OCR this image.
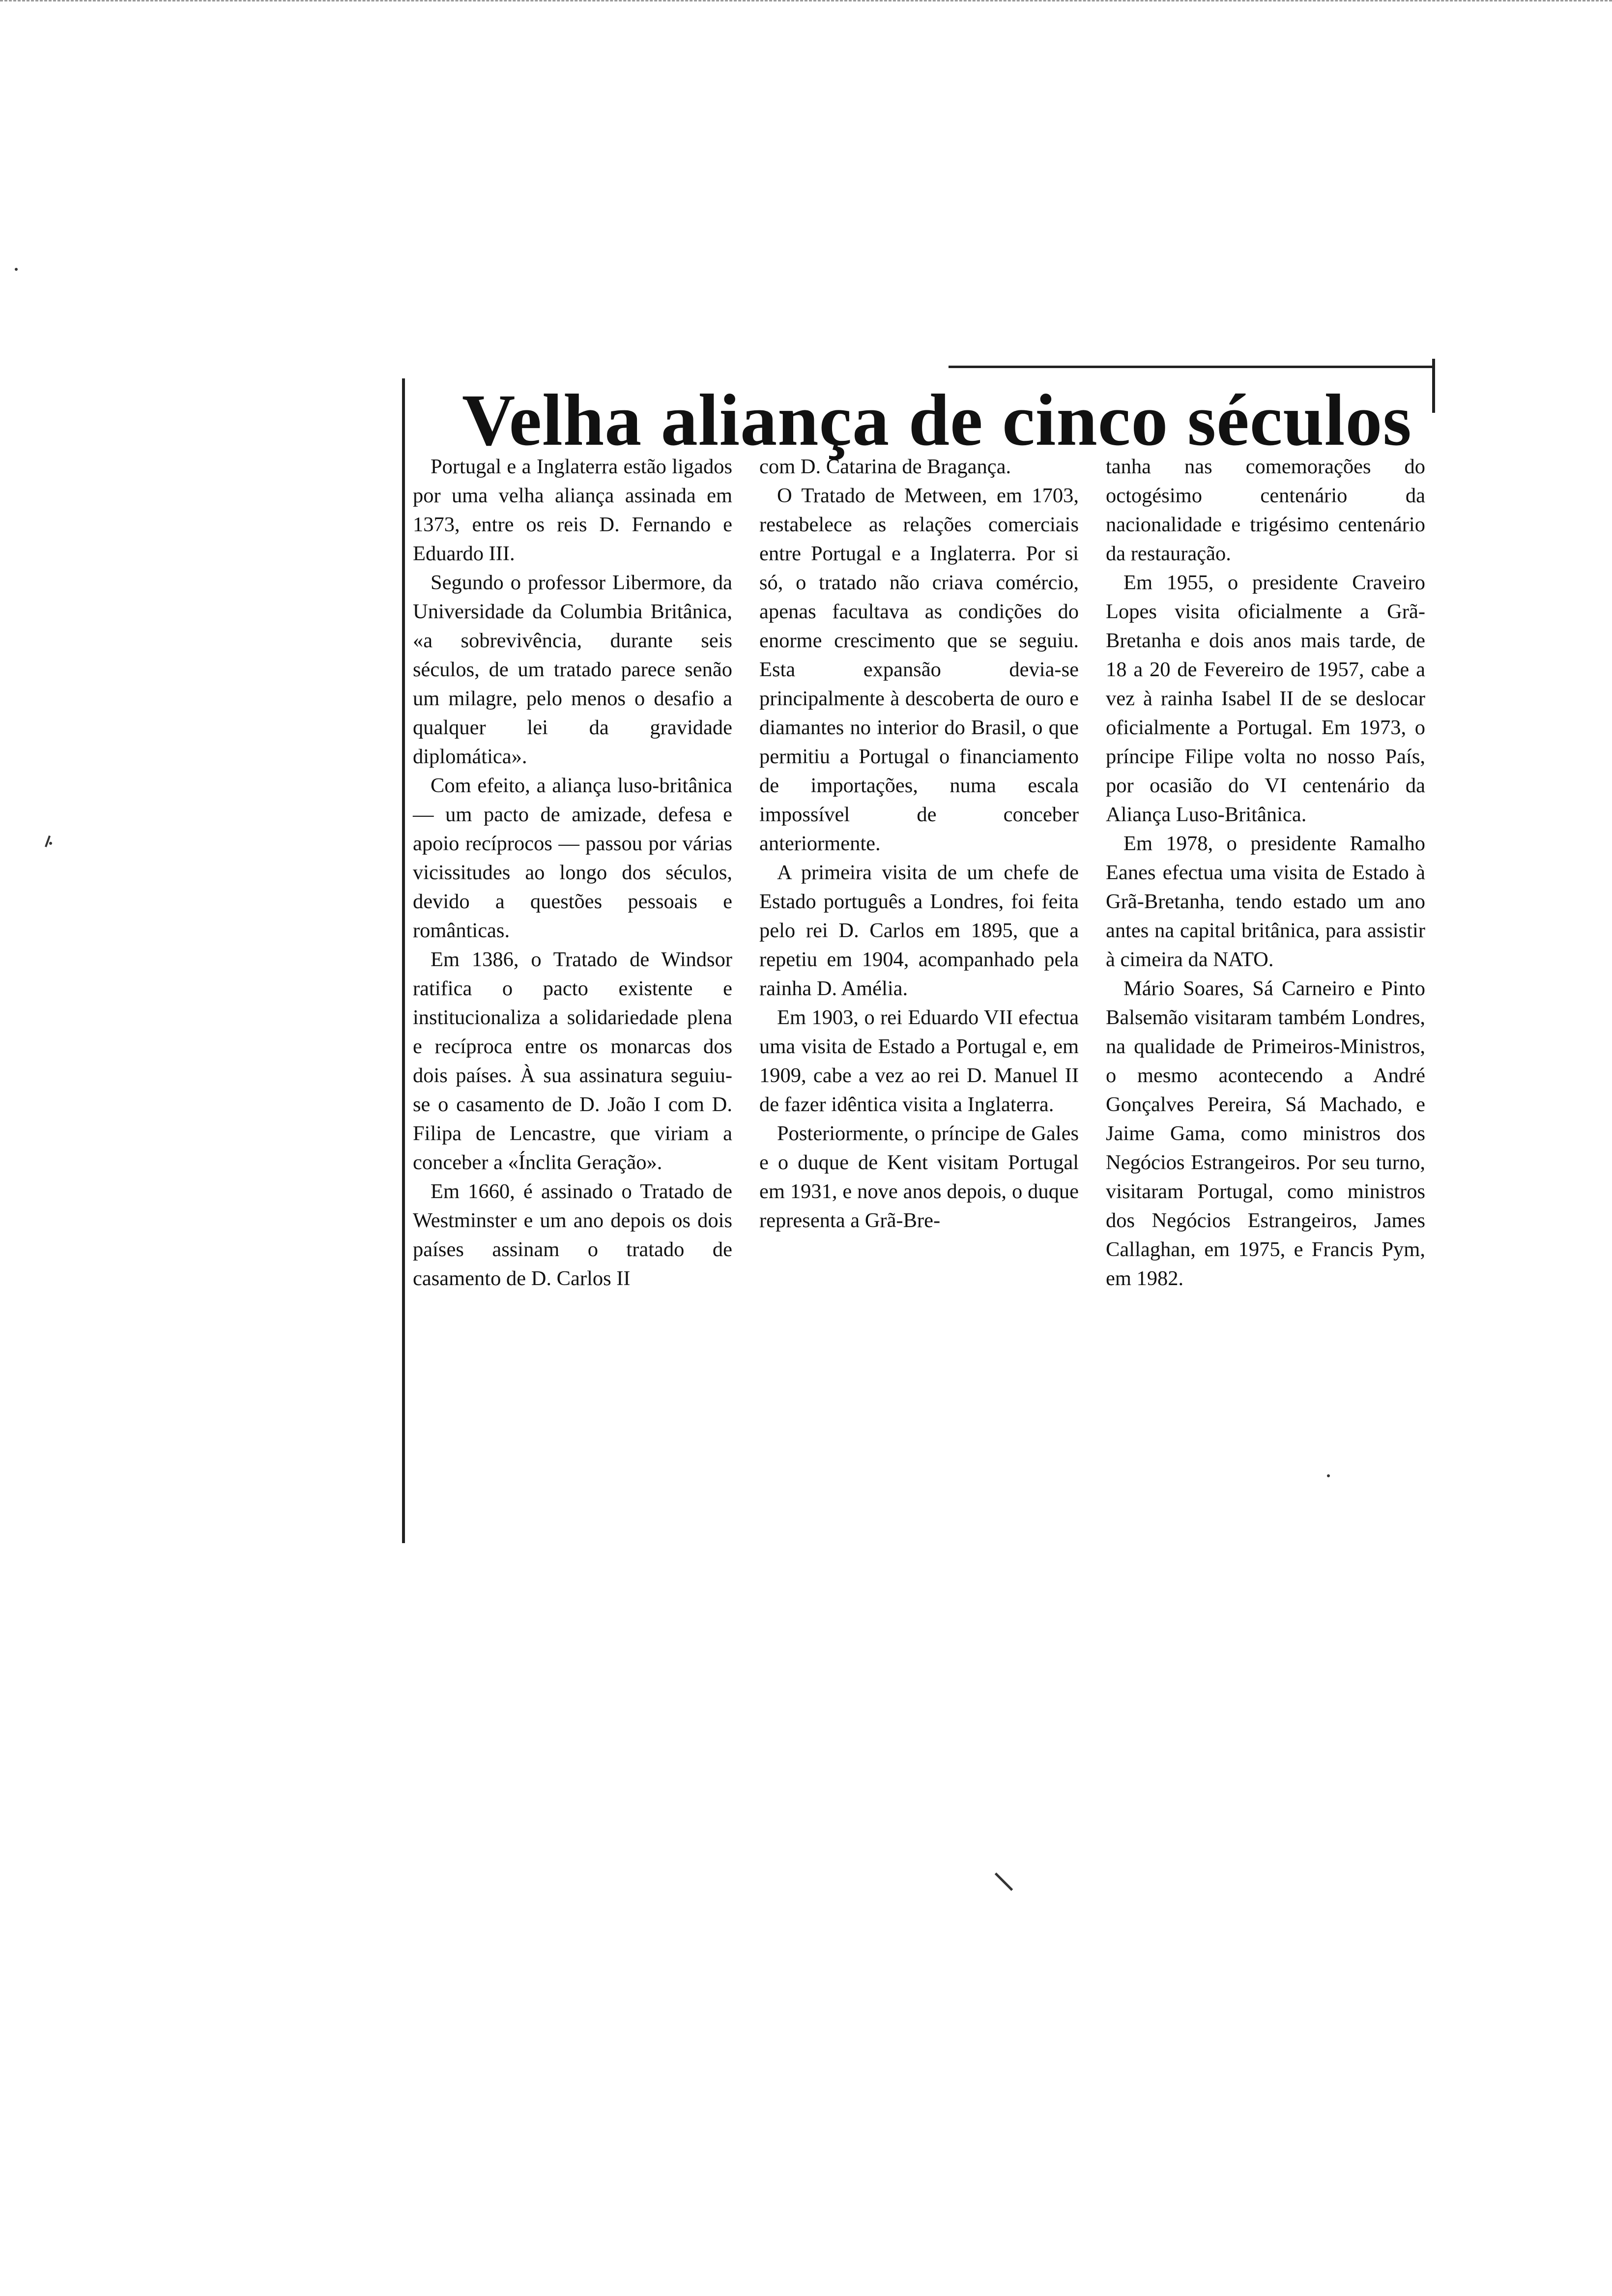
Velha aliança de cinco séculos

Portugal e a Inglaterra estão ligados por uma velha aliança assinada em 1373, entre os reis D. Fernando e Eduardo III.

Segundo o professor Libermore, da Universidade da Columbia Britânica, «a sobrevivência, durante seis séculos, de um tratado parece senão um milagre, pelo menos o desafio a qualquer lei da gravidade diplomática».

Com efeito, a aliança luso-britânica — um pacto de amizade, defesa e apoio recíprocos — passou por várias vicissitudes ao longo dos séculos, devido a questões pessoais e românticas.

Em 1386, o Tratado de Windsor ratifica o pacto existente e institucionaliza a solidariedade plena e recíproca entre os monarcas dos dois países. À sua assinatura seguiu-se o casamento de D. João I com D. Filipa de Lencastre, que viriam a conceber a «Ínclita Geração».

Em 1660, é assinado o Tratado de Westminster e um ano depois os dois países assinam o tratado de casamento de D. Carlos II

com D. Catarina de Bragança.

O Tratado de Metween, em 1703, restabelece as relações comerciais entre Portugal e a Inglaterra. Por si só, o tratado não criava comércio, apenas facultava as condições do enorme crescimento que se seguiu. Esta expansão devia-se principalmente à descoberta de ouro e diamantes no interior do Brasil, o que permitiu a Portugal o financiamento de importações, numa escala impossível de conceber anteriormente.

A primeira visita de um chefe de Estado português a Londres, foi feita pelo rei D. Carlos em 1895, que a repetiu em 1904, acompanhado pela rainha D. Amélia.

Em 1903, o rei Eduardo VII efectua uma visita de Estado a Portugal e, em 1909, cabe a vez ao rei D. Manuel II de fazer idêntica visita a Inglaterra.

Posteriormente, o príncipe de Gales e o duque de Kent visitam Portugal em 1931, e nove anos depois, o duque representa a Grã-Bre-

tanha nas comemorações do octogésimo centenário da nacionalidade e trigésimo centenário da restauração.

Em 1955, o presidente Craveiro Lopes visita oficialmente a Grã-Bretanha e dois anos mais tarde, de 18 a 20 de Fevereiro de 1957, cabe a vez à rainha Isabel II de se deslocar oficialmente a Portugal. Em 1973, o príncipe Filipe volta no nosso País, por ocasião do VI centenário da Aliança Luso-Britânica.

Em 1978, o presidente Ramalho Eanes efectua uma visita de Estado à Grã-Bretanha, tendo estado um ano antes na capital britânica, para assistir à cimeira da NATO.

Mário Soares, Sá Carneiro e Pinto Balsemão visitaram também Londres, na qualidade de Primeiros-Ministros, o mesmo acontecendo a André Gonçalves Pereira, Sá Machado, e Jaime Gama, como ministros dos Negócios Estrangeiros. Por seu turno, visitaram Portugal, como ministros dos Negócios Estrangeiros, James Callaghan, em 1975, e Francis Pym, em 1982.
